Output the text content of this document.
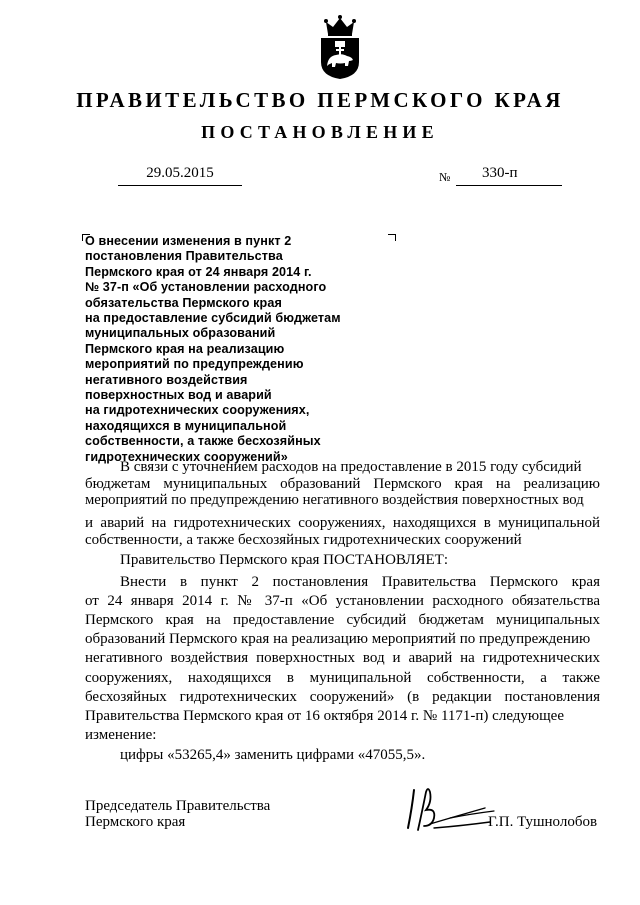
ПРАВИТЕЛЬСТВО ПЕРМСКОГО КРАЯ
ПОСТАНОВЛЕНИЕ
29.05.2015	№ 330-п
О внесении изменения в пункт 2
постановления Правительства
Пермского края от 24 января 2014 г.
№ 37-п «Об установлении расходного
обязательства Пермского края
на предоставление субсидий бюджетам
муниципальных образований
Пермского края на реализацию
мероприятий по предупреждению
негативного воздействия
поверхностных вод и аварий
на гидротехнических сооружениях,
находящихся в муниципальной
собственности, а также бесхозяйных
гидротехнических сооружений»
В связи с уточнением расходов на предоставление в 2015 году субсидий
бюджетам муниципальных образований Пермского края на реализацию
мероприятий по предупреждению негативного воздействия поверхностных вод
и аварий на гидротехнических сооружениях, находящихся в муниципальной
собственности, а также бесхозяйных гидротехнических сооружений
Правительство Пермского края ПОСТАНОВЛЯЕТ:
Внести в пункт 2 постановления Правительства Пермского края
от 24 января 2014 г. № 37-п «Об установлении расходного обязательства
Пермского края на предоставление субсидий бюджетам муниципальных
образований Пермского края на реализацию мероприятий по предупреждению
негативного воздействия поверхностных вод и аварий на гидротехнических
сооружениях, находящихся в муниципальной собственности, а также
бесхозяйных гидротехнических сооружений» (в редакции постановления
Правительства Пермского края от 16 октября 2014 г. № 1171-п) следующее
изменение:
цифры «53265,4» заменить цифрами «47055,5».
Председатель Правительства
Пермского края	Г.П. Тушнолобов
